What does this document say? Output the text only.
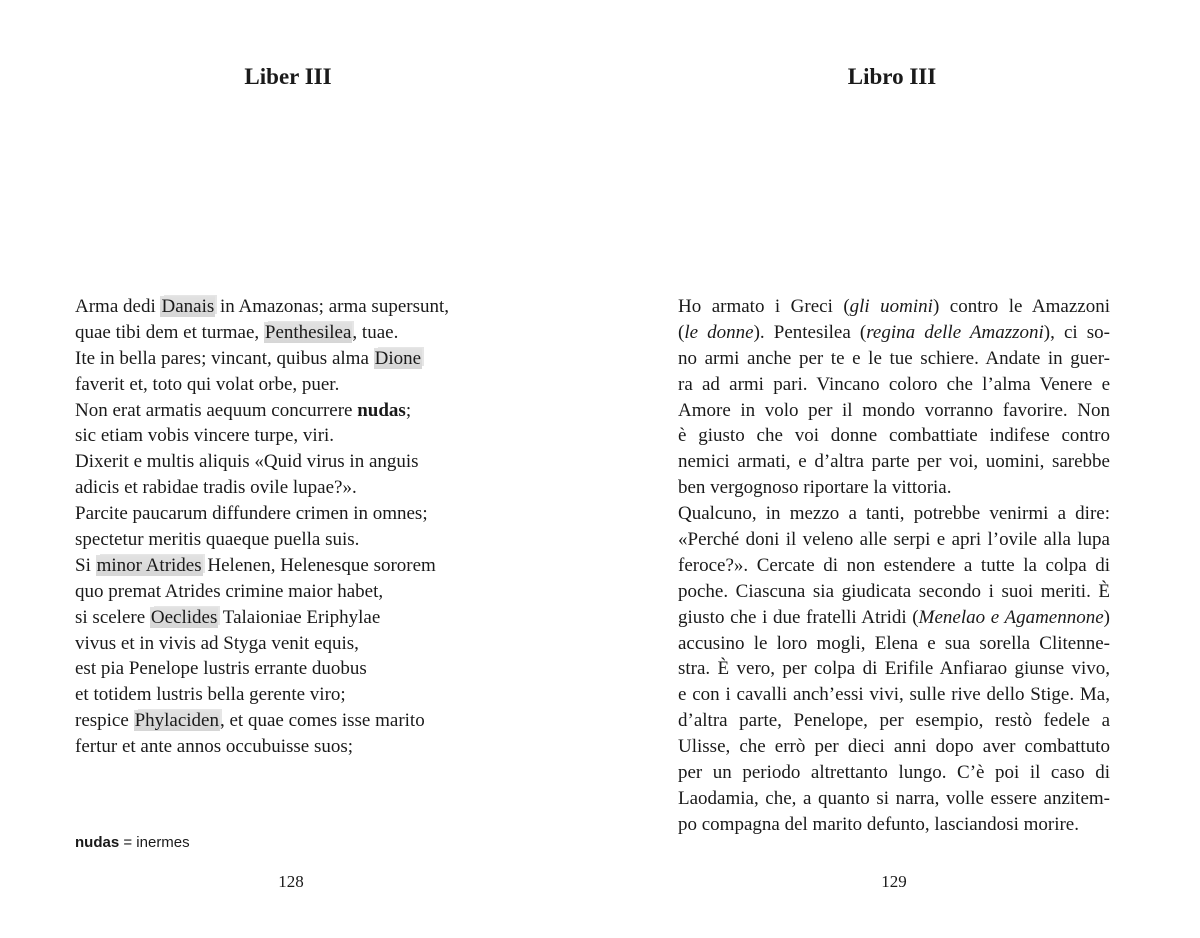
Liber III
Arma dedi Danais in Amazonas; arma supersunt,
quae tibi dem et turmae, Penthesilea, tuae.
Ite in bella pares; vincant, quibus alma Dione
faverit et, toto qui volat orbe, puer.
Non erat armatis aequum concurrere nudas;
sic etiam vobis vincere turpe, viri.
Dixerit e multis aliquis «Quid virus in anguis
adicis et rabidae tradis ovile lupae?».
Parcite paucarum diffundere crimen in omnes;
spectetur meritis quaeque puella suis.
Si minor Atrides Helenen, Helenesque sororem
quo premat Atrides crimine maior habet,
si scelere Oeclides Talaioniae Eriphylae
vivus et in vivis ad Styga venit equis,
est pia Penelope lustris errante duobus
et totidem lustris bella gerente viro;
respice Phylaciden, et quae comes isse marito
fertur et ante annos occubuisse suos;
nudas = inermes
128
Libro III
Ho armato i Greci (gli uomini) contro le Amazzoni
(le donne). Pentesilea (regina delle Amazzoni), ci so-
no armi anche per te e le tue schiere. Andate in guer-
ra ad armi pari. Vincano coloro che l’alma Venere e
Amore in volo per il mondo vorranno favorire. Non
è giusto che voi donne combattiate indifese contro
nemici armati, e d’altra parte per voi, uomini, sarebbe
ben vergognoso riportare la vittoria.
Qualcuno, in mezzo a tanti, potrebbe venirmi a dire:
«Perché doni il veleno alle serpi e apri l’ovile alla lupa
feroce?». Cercate di non estendere a tutte la colpa di
poche. Ciascuna sia giudicata secondo i suoi meriti. È
giusto che i due fratelli Atridi (Menelao e Agamennone)
accusino le loro mogli, Elena e sua sorella Clitenne-
stra. È vero, per colpa di Erifile Anfiarao giunse vivo,
e con i cavalli anch’essi vivi, sulle rive dello Stige. Ma,
d’altra parte, Penelope, per esempio, restò fedele a
Ulisse, che errò per dieci anni dopo aver combattuto
per un periodo altrettanto lungo. C’è poi il caso di
Laodamia, che, a quanto si narra, volle essere anzitem-
po compagna del marito defunto, lasciandosi morire.
129
